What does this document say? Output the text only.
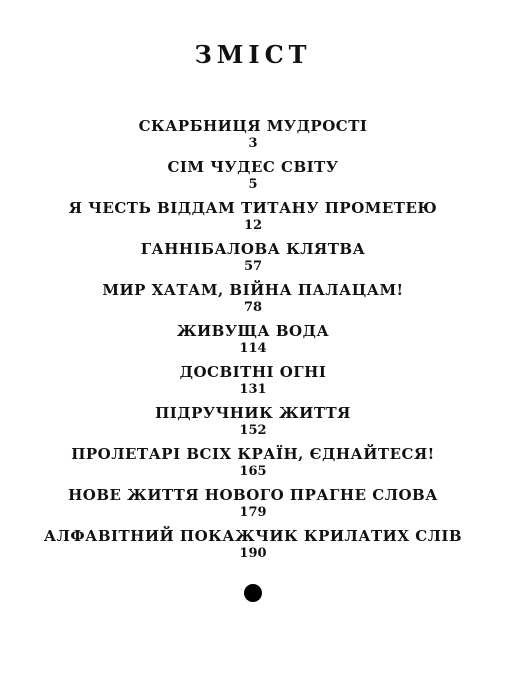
ЗМІСТ
СКАРБНИЦЯ МУДРОСТІ
3
СІМ ЧУДЕС СВІТУ
5
Я ЧЕСТЬ ВІДДАМ ТИТАНУ ПРОМЕТЕЮ
12
ГАННІБАЛОВА КЛЯТВА
57
МИР ХАТАМ, ВІЙНА ПАЛАЦАМ!
78
ЖИВУЩА ВОДА
114
ДОСВІТНІ ОГНІ
131
ПІДРУЧНИК ЖИТТЯ
152
ПРОЛЕТАРІ ВСІХ КРАЇН, ЄДНАЙТЕСЯ!
165
НОВЕ ЖИТТЯ НОВОГО ПРАГНЕ СЛОВА
179
АЛФАВІТНИЙ ПОКАЖЧИК КРИЛАТИХ СЛІВ
190
